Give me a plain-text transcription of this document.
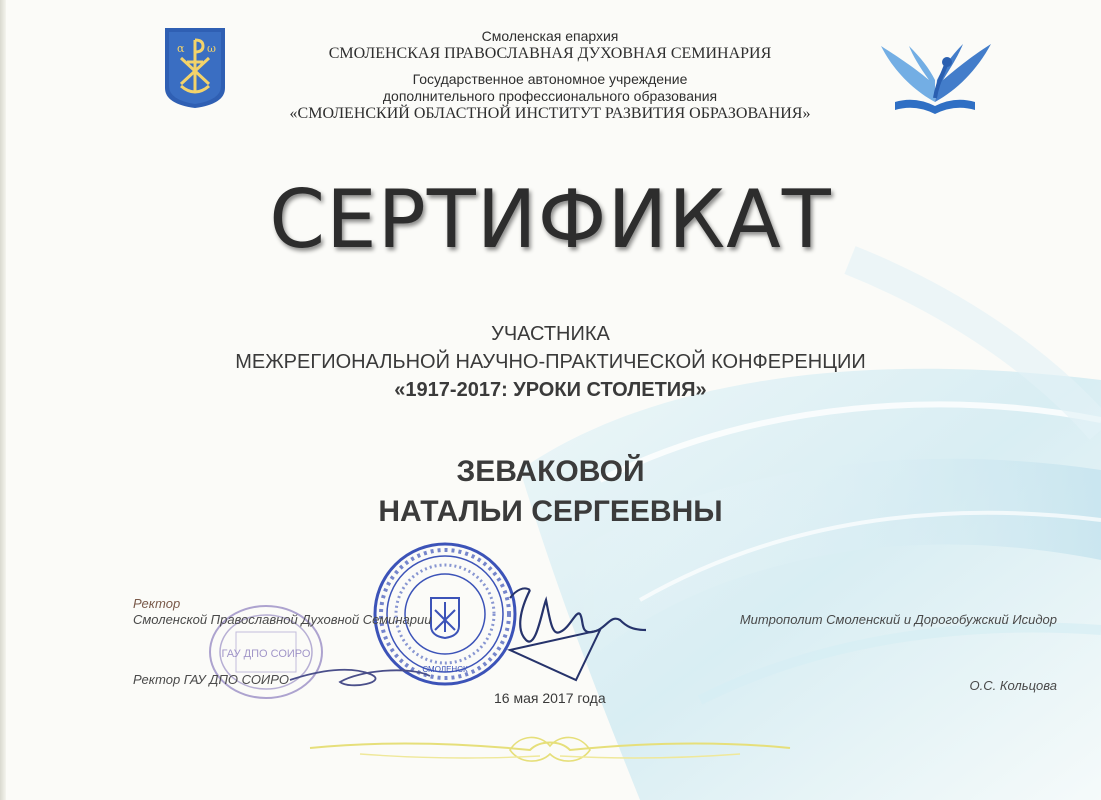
α ω
Смоленская епархия
СМОЛЕНСКАЯ ПРАВОСЛАВНАЯ ДУХОВНАЯ СЕМИНАРИЯ
Государственное автономное учреждение
дополнительного профессионального образования
«СМОЛЕНСКИЙ ОБЛАСТНОЙ ИНСТИТУТ РАЗВИТИЯ ОБРАЗОВАНИЯ»
СЕРТИФИКАТ
УЧАСТНИКА
МЕЖРЕГИОНАЛЬНОЙ НАУЧНО-ПРАКТИЧЕСКОЙ КОНФЕРЕНЦИИ
«1917-2017: УРОКИ СТОЛЕТИЯ»
ЗЕВАКОВОЙ
НАТАЛЬИ СЕРГЕЕВНЫ
ГАУ ДПО СОИРО
СМОЛЕНСК
Ректор
Смоленской Православной Духовной Семинарии	Митрополит Смоленский и Дорогобужский Исидор
Ректор ГАУ ДПО СОИРО	О.С. Кольцова
16 мая 2017 года
